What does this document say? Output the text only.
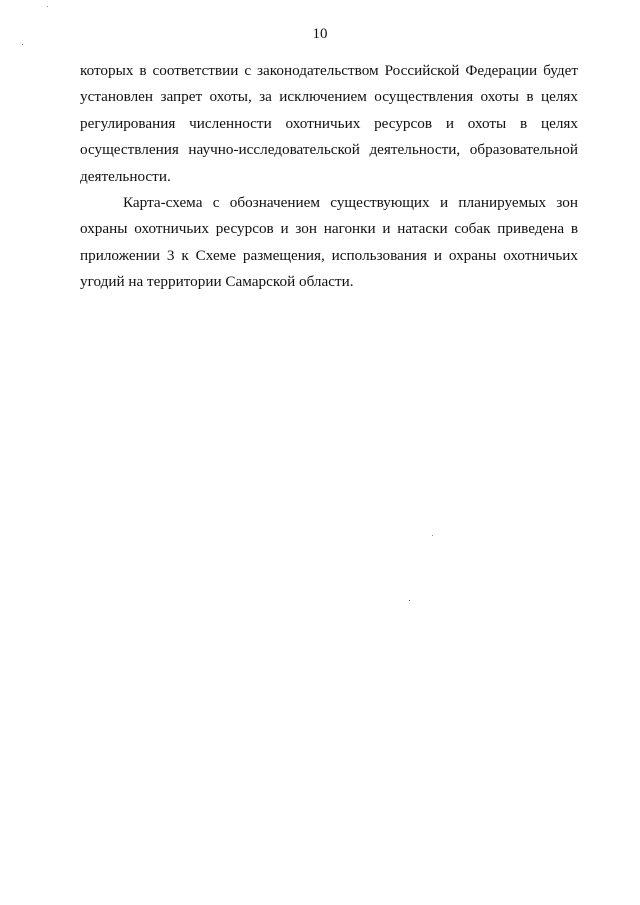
10
которых в соответствии с законодательством Российской Федерации будет
установлен запрет охоты, за исключением осуществления охоты в целях
регулирования численности охотничьих ресурсов и охоты в целях
осуществления научно-исследовательской деятельности, образовательной
деятельности.
Карта-схема с обозначением существующих и планируемых зон
охраны охотничьих ресурсов и зон нагонки и натаски собак приведена в
приложении 3 к Схеме размещения, использования и охраны охотничьих
угодий на территории Самарской области.
